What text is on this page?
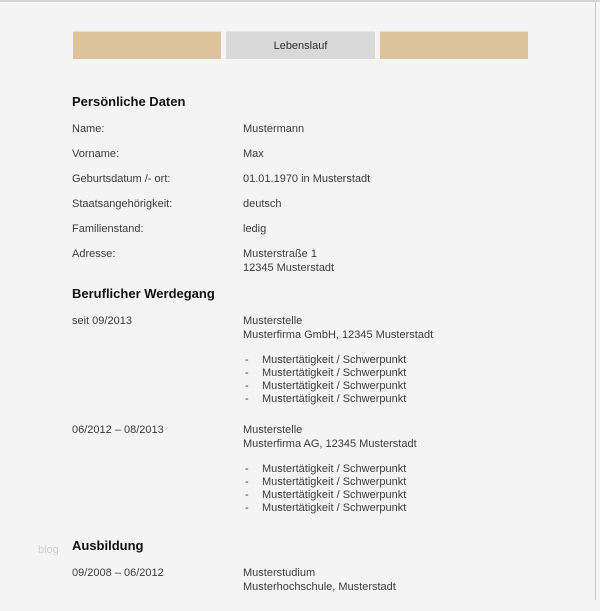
Lebenslauf
blog
Persönliche Daten
Name:	Mustermann
Vorname:	Max
Geburtsdatum /- ort:	01.01.1970 in Musterstadt
Staatsangehörigkeit:	deutsch
Familienstand:	ledig
Adresse:	Musterstraße 1
12345 Musterstadt
Beruflicher Werdegang
seit 09/2013	Musterstelle
Musterfirma GmbH, 12345 Musterstadt
-	Mustertätigkeit / Schwerpunkt
-	Mustertätigkeit / Schwerpunkt
-	Mustertätigkeit / Schwerpunkt
-	Mustertätigkeit / Schwerpunkt
06/2012 – 08/2013	Musterstelle
Musterfirma AG, 12345 Musterstadt
-	Mustertätigkeit / Schwerpunkt
-	Mustertätigkeit / Schwerpunkt
-	Mustertätigkeit / Schwerpunkt
-	Mustertätigkeit / Schwerpunkt
Ausbildung
09/2008 – 06/2012	Musterstudium
Musterhochschule, Musterstadt
